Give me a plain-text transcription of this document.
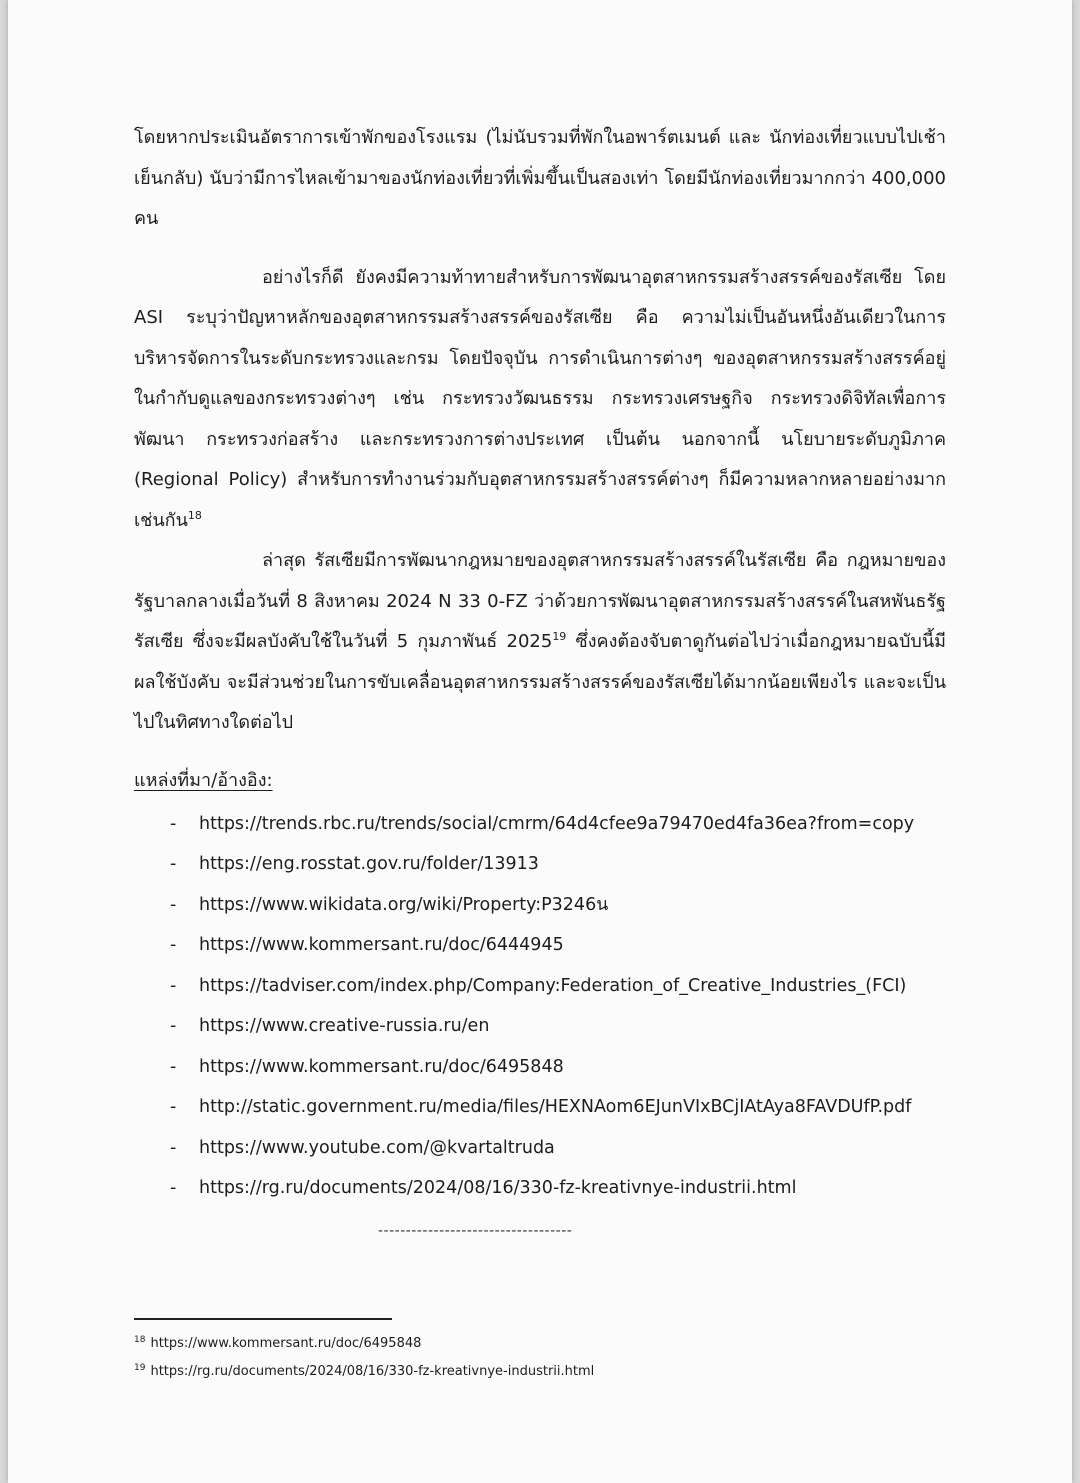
โดยหากประเมินอัตราการเข้าพักของโรงแรม (ไม่นับรวมที่พักในอพาร์ตเมนต์ และ นักท่องเที่ยวแบบไปเช้าเย็นกลับ) นับว่ามีการไหลเข้ามาของนักท่องเที่ยวที่เพิ่มขึ้นเป็นสองเท่า โดยมีนักท่องเที่ยวมากกว่า 400,000 คน

อย่างไรก็ดี ยังคงมีความท้าทายสำหรับการพัฒนาอุตสาหกรรมสร้างสรรค์ของรัสเซีย โดย ASI ระบุว่าปัญหาหลักของอุตสาหกรรมสร้างสรรค์ของรัสเซีย คือ ความไม่เป็นอันหนึ่งอันเดียวในการบริหารจัดการในระดับกระทรวงและกรม โดยปัจจุบัน การดำเนินการต่างๆ ของอุตสาหกรรมสร้างสรรค์อยู่ในกำกับดูแลของกระทรวงต่างๆ เช่น กระทรวงวัฒนธรรม กระทรวงเศรษฐกิจ กระทรวงดิจิทัลเพื่อการพัฒนา กระทรวงก่อสร้าง และกระทรวงการต่างประเทศ เป็นต้น นอกจากนี้ นโยบายระดับภูมิภาค (Regional Policy) สำหรับการทำงานร่วมกับอุตสาหกรรมสร้างสรรค์ต่างๆ ก็มีความหลากหลายอย่างมากเช่นกัน$^{18}$

ล่าสุด รัสเซียมีการพัฒนากฎหมายของอุตสาหกรรมสร้างสรรค์ในรัสเซีย คือ กฎหมายของรัฐบาลกลางเมื่อวันที่ 8 สิงหาคม 2024 N 33 0-FZ ว่าด้วยการพัฒนาอุตสาหกรรมสร้างสรรค์ในสหพันธรัฐรัสเซีย ซึ่งจะมีผลบังคับใช้ในวันที่ 5 กุมภาพันธ์ 2025$^{19}$ ซึ่งคงต้องจับตาดูกันต่อไปว่าเมื่อกฎหมายฉบับนี้มีผลใช้บังคับ จะมีส่วนช่วยในการขับเคลื่อนอุตสาหกรรมสร้างสรรค์ของรัสเซียได้มากน้อยเพียงไร และจะเป็นไปในทิศทางใดต่อไป

แหล่งที่มา/อ้างอิง:
- https://trends.rbc.ru/trends/social/cmrm/64d4cfee9a79470ed4fa36ea?from=copy
- https://eng.rosstat.gov.ru/folder/13913
- https://www.wikidata.org/wiki/Property:P3246น
- https://www.kommersant.ru/doc/6444945
- https://tadviser.com/index.php/Company:Federation_of_Creative_Industries_(FCI)
- https://www.creative-russia.ru/en
- https://www.kommersant.ru/doc/6495848
- http://static.government.ru/media/files/HEXNAom6EJunVIxBCjIAtAya8FAVDUfP.pdf
- https://www.youtube.com/@kvartaltruda
- https://rg.ru/documents/2024/08/16/330-fz-kreativnye-industrii.html
-----------------------------------
$^{18}$ https://www.kommersant.ru/doc/6495848
$^{19}$ https://rg.ru/documents/2024/08/16/330-fz-kreativnye-industrii.html
